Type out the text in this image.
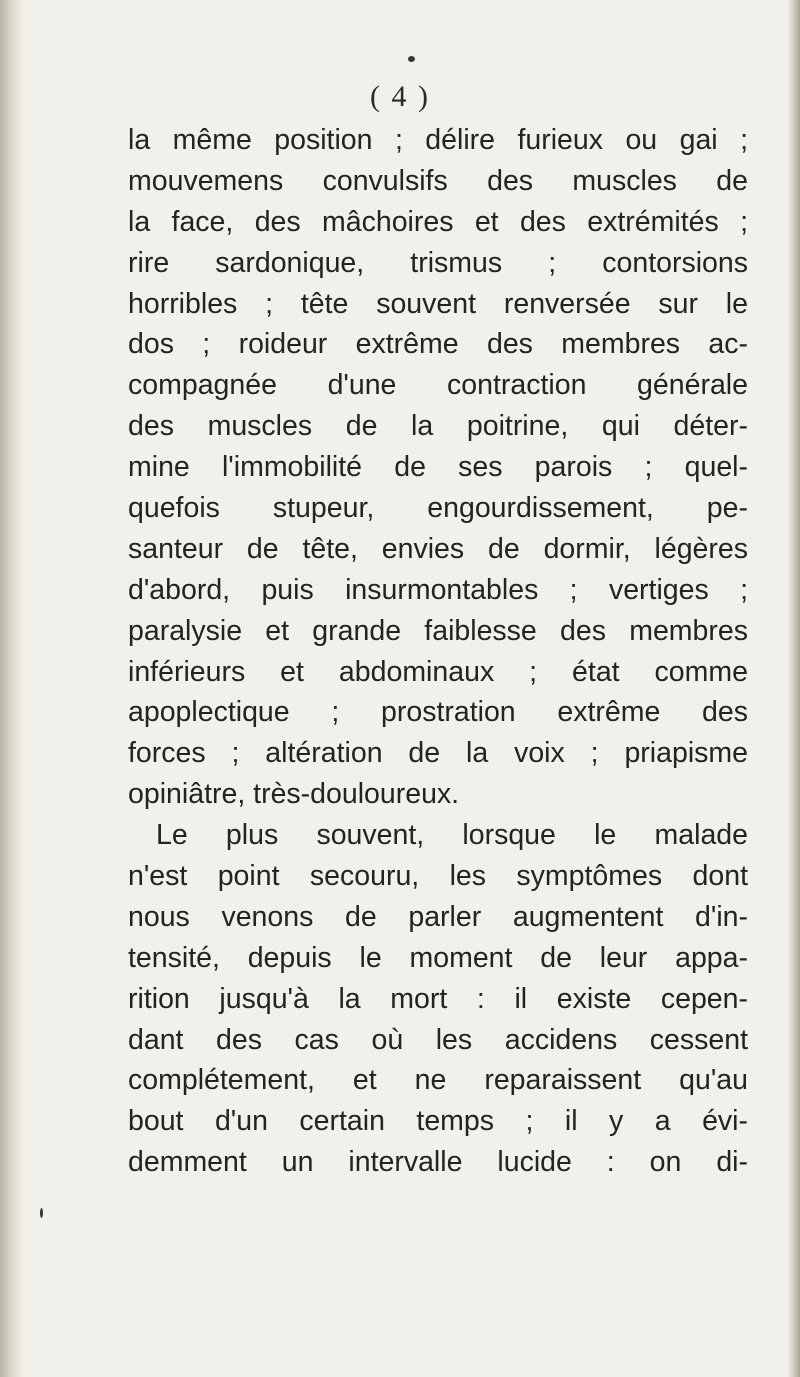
( 4 )
la même position ; délire furieux ou gai ;
mouvemens convulsifs des muscles de
la face, des mâchoires et des extrémités ;
rire sardonique, trismus ; contorsions
horribles ; tête souvent renversée sur le
dos ; roideur extrême des membres ac-
compagnée d'une contraction générale
des muscles de la poitrine, qui déter-
mine l'immobilité de ses parois ; quel-
quefois stupeur, engourdissement, pe-
santeur de tête, envies de dormir, légères
d'abord, puis insurmontables ; vertiges ;
paralysie et grande faiblesse des membres
inférieurs et abdominaux ; état comme
apoplectique ; prostration extrême des
forces ; altération de la voix ; priapisme
opiniâtre, très-douloureux.
Le plus souvent, lorsque le malade
n'est point secouru, les symptômes dont
nous venons de parler augmentent d'in-
tensité, depuis le moment de leur appa-
rition jusqu'à la mort : il existe cepen-
dant des cas où les accidens cessent
complétement, et ne reparaissent qu'au
bout d'un certain temps ; il y a évi-
demment un intervalle lucide : on di-
